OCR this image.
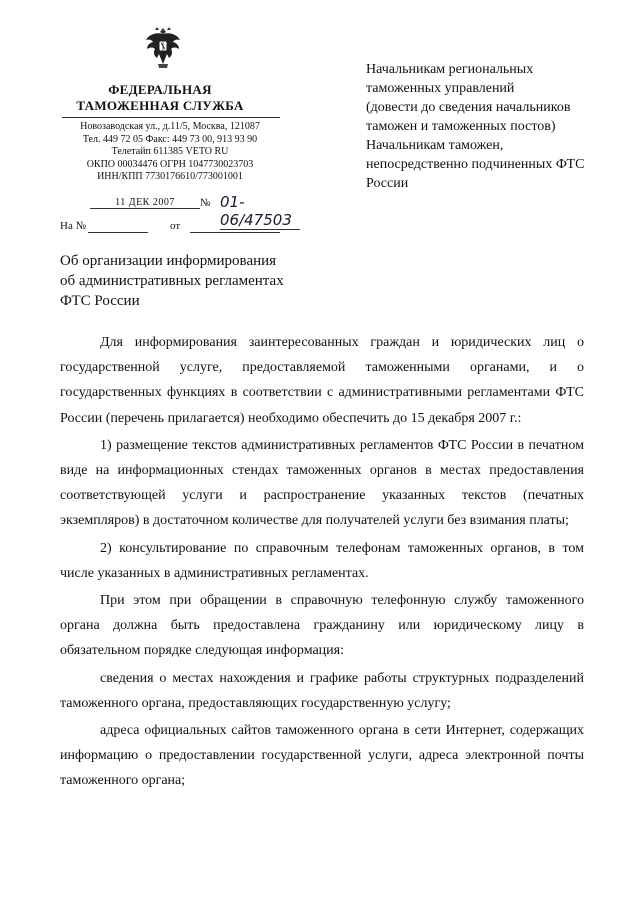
ФЕДЕРАЛЬНАЯ
ТАМОЖЕННАЯ СЛУЖБА
Новозаводская ул., д.11/5, Москва, 121087
Тел. 449 72 05 Факс: 449 73 00, 913 93 90
Телетайп 611385 VETO RU
ОКПО 00034476 ОГРН 1047730023703
ИНН/КПП 7730176610/773001001
11 ДЕК 2007	№ 01-06/47503
На №	от

Начальникам региональных таможенных управлений

(довести до сведения начальников таможен и таможенных постов)

Начальникам таможен, непосредственно подчиненных ФТС России

Об организации информирования

об административных регламентах

ФТС России

Для информирования заинтересованных граждан и юридических лиц о государственной услуге, предоставляемой таможенными органами, и о государственных функциях в соответствии с административными регламентами ФТС России (перечень прилагается) необходимо обеспечить до 15 декабря 2007 г.:

1) размещение текстов административных регламентов ФТС России в печатном виде на информационных стендах таможенных органов в местах предоставления соответствующей услуги и распространение указанных текстов (печатных экземпляров) в достаточном количестве для получателей услуги без взимания платы;

2) консультирование по справочным телефонам таможенных органов, в том числе указанных в административных регламентах.

При этом при обращении в справочную телефонную службу таможенного органа должна быть предоставлена гражданину или юридическому лицу в обязательном порядке следующая информация:

сведения о местах нахождения и графике работы структурных подразделений таможенного органа, предоставляющих государственную услугу;

адреса официальных сайтов таможенного органа в сети Интернет, содержащих информацию о предоставлении государственной услуги, адреса электронной почты таможенного органа;
